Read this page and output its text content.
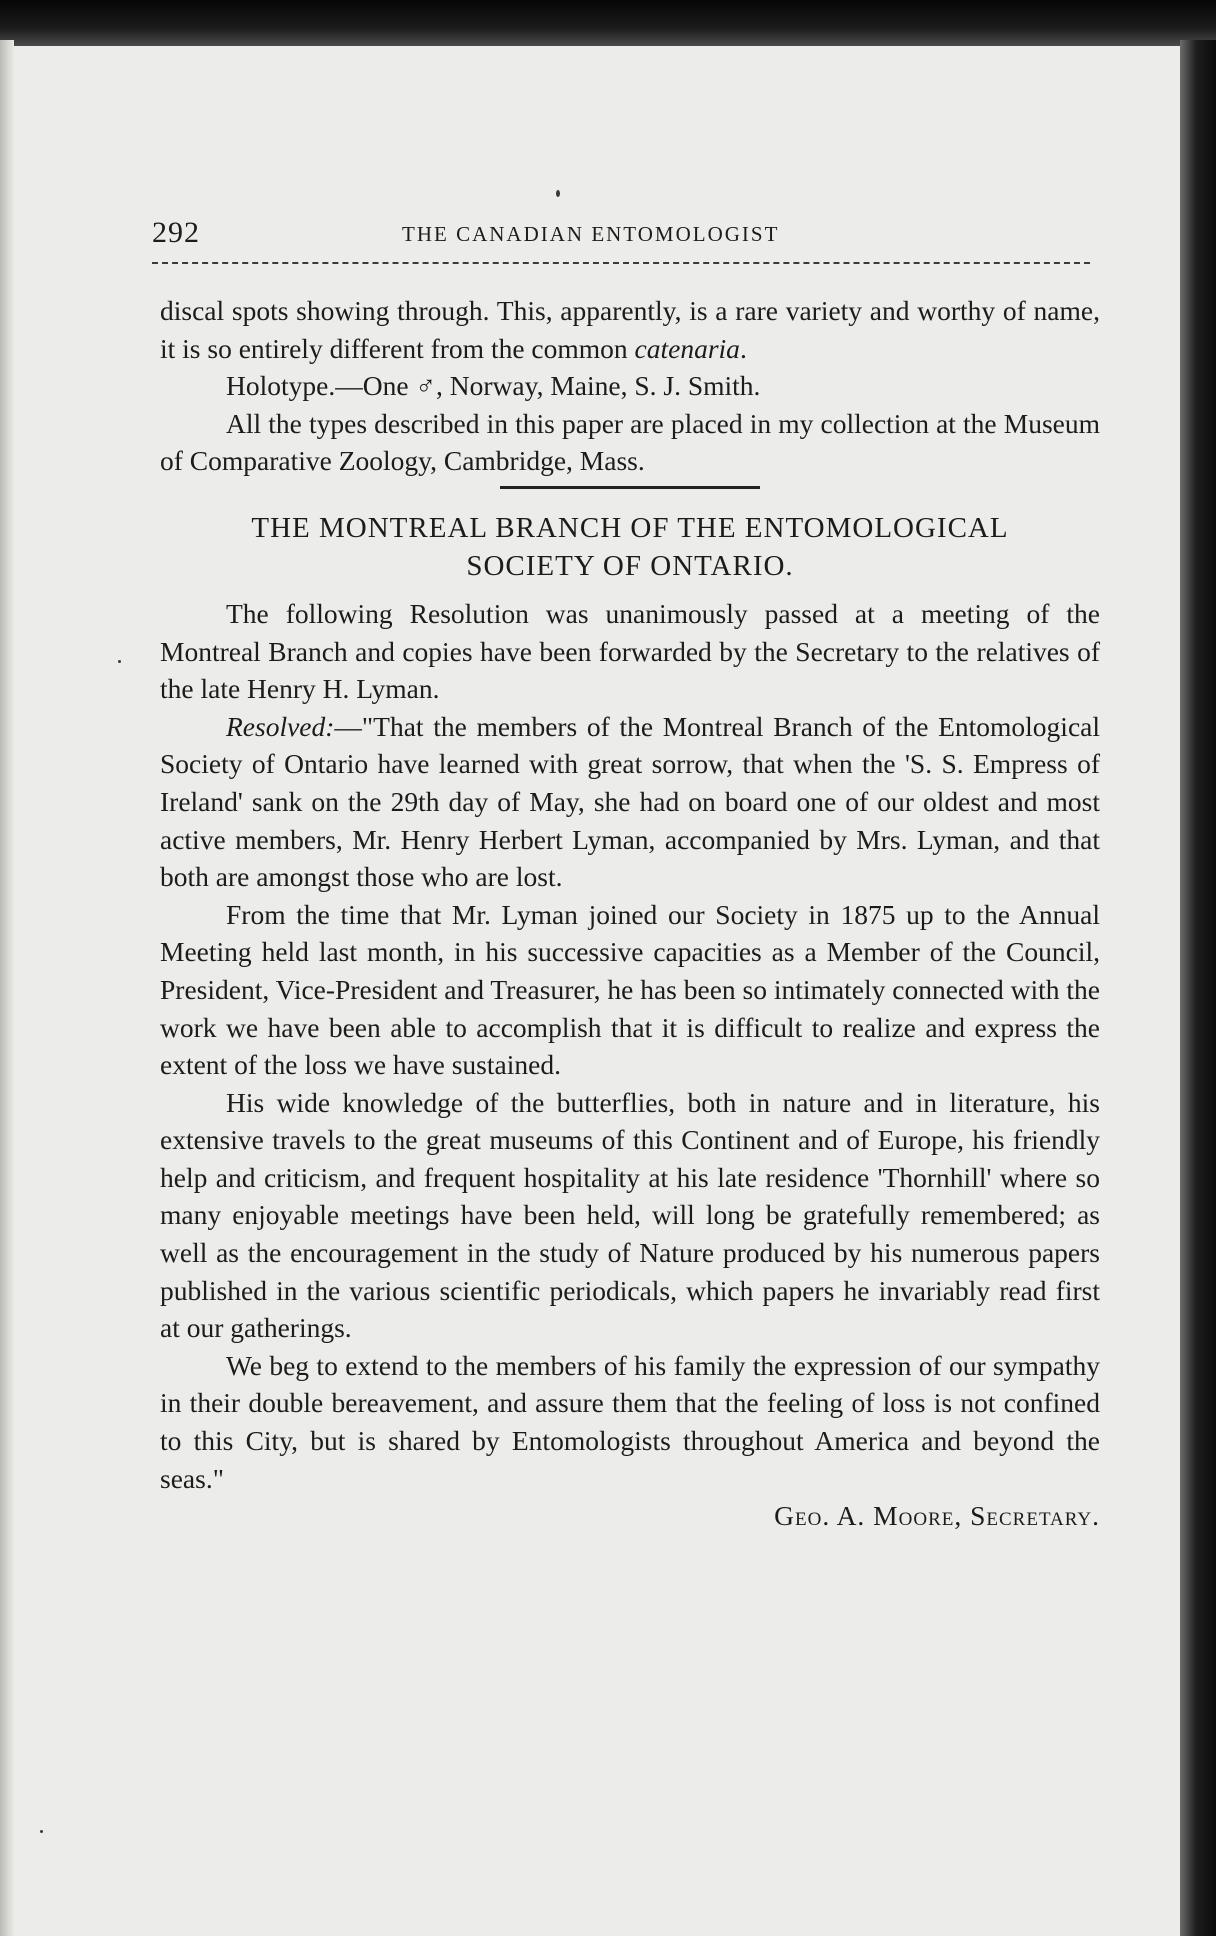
292	THE CANADIAN ENTOMOLOGIST

discal spots showing through. This, apparently, is a rare variety and worthy of name, it is so entirely different from the common catenaria.

Holotype.—One ♂, Norway, Maine, S. J. Smith.

All the types described in this paper are placed in my collection at the Museum of Comparative Zoology, Cambridge, Mass.

THE MONTREAL BRANCH OF THE ENTOMOLOGICAL
SOCIETY OF ONTARIO.

The following Resolution was unanimously passed at a meeting of the Montreal Branch and copies have been forwarded by the Secretary to the relatives of the late Henry H. Lyman.

Resolved:—"That the members of the Montreal Branch of the Entomological Society of Ontario have learned with great sorrow, that when the 'S. S. Empress of Ireland' sank on the 29th day of May, she had on board one of our oldest and most active members, Mr. Henry Herbert Lyman, accompanied by Mrs. Lyman, and that both are amongst those who are lost.

From the time that Mr. Lyman joined our Society in 1875 up to the Annual Meeting held last month, in his successive capacities as a Member of the Council, President, Vice-President and Treasurer, he has been so intimately connected with the work we have been able to accomplish that it is difficult to realize and express the extent of the loss we have sustained.

His wide knowledge of the butterflies, both in nature and in literature, his extensive travels to the great museums of this Continent and of Europe, his friendly help and criticism, and frequent hospitality at his late residence 'Thornhill' where so many enjoyable meetings have been held, will long be gratefully remembered; as well as the encouragement in the study of Nature produced by his numerous papers published in the various scientific periodicals, which papers he invariably read first at our gatherings.

We beg to extend to the members of his family the expression of our sympathy in their double bereavement, and assure them that the feeling of loss is not confined to this City, but is shared by Entomologists throughout America and beyond the seas."

Geo. A. Moore, Secretary.
